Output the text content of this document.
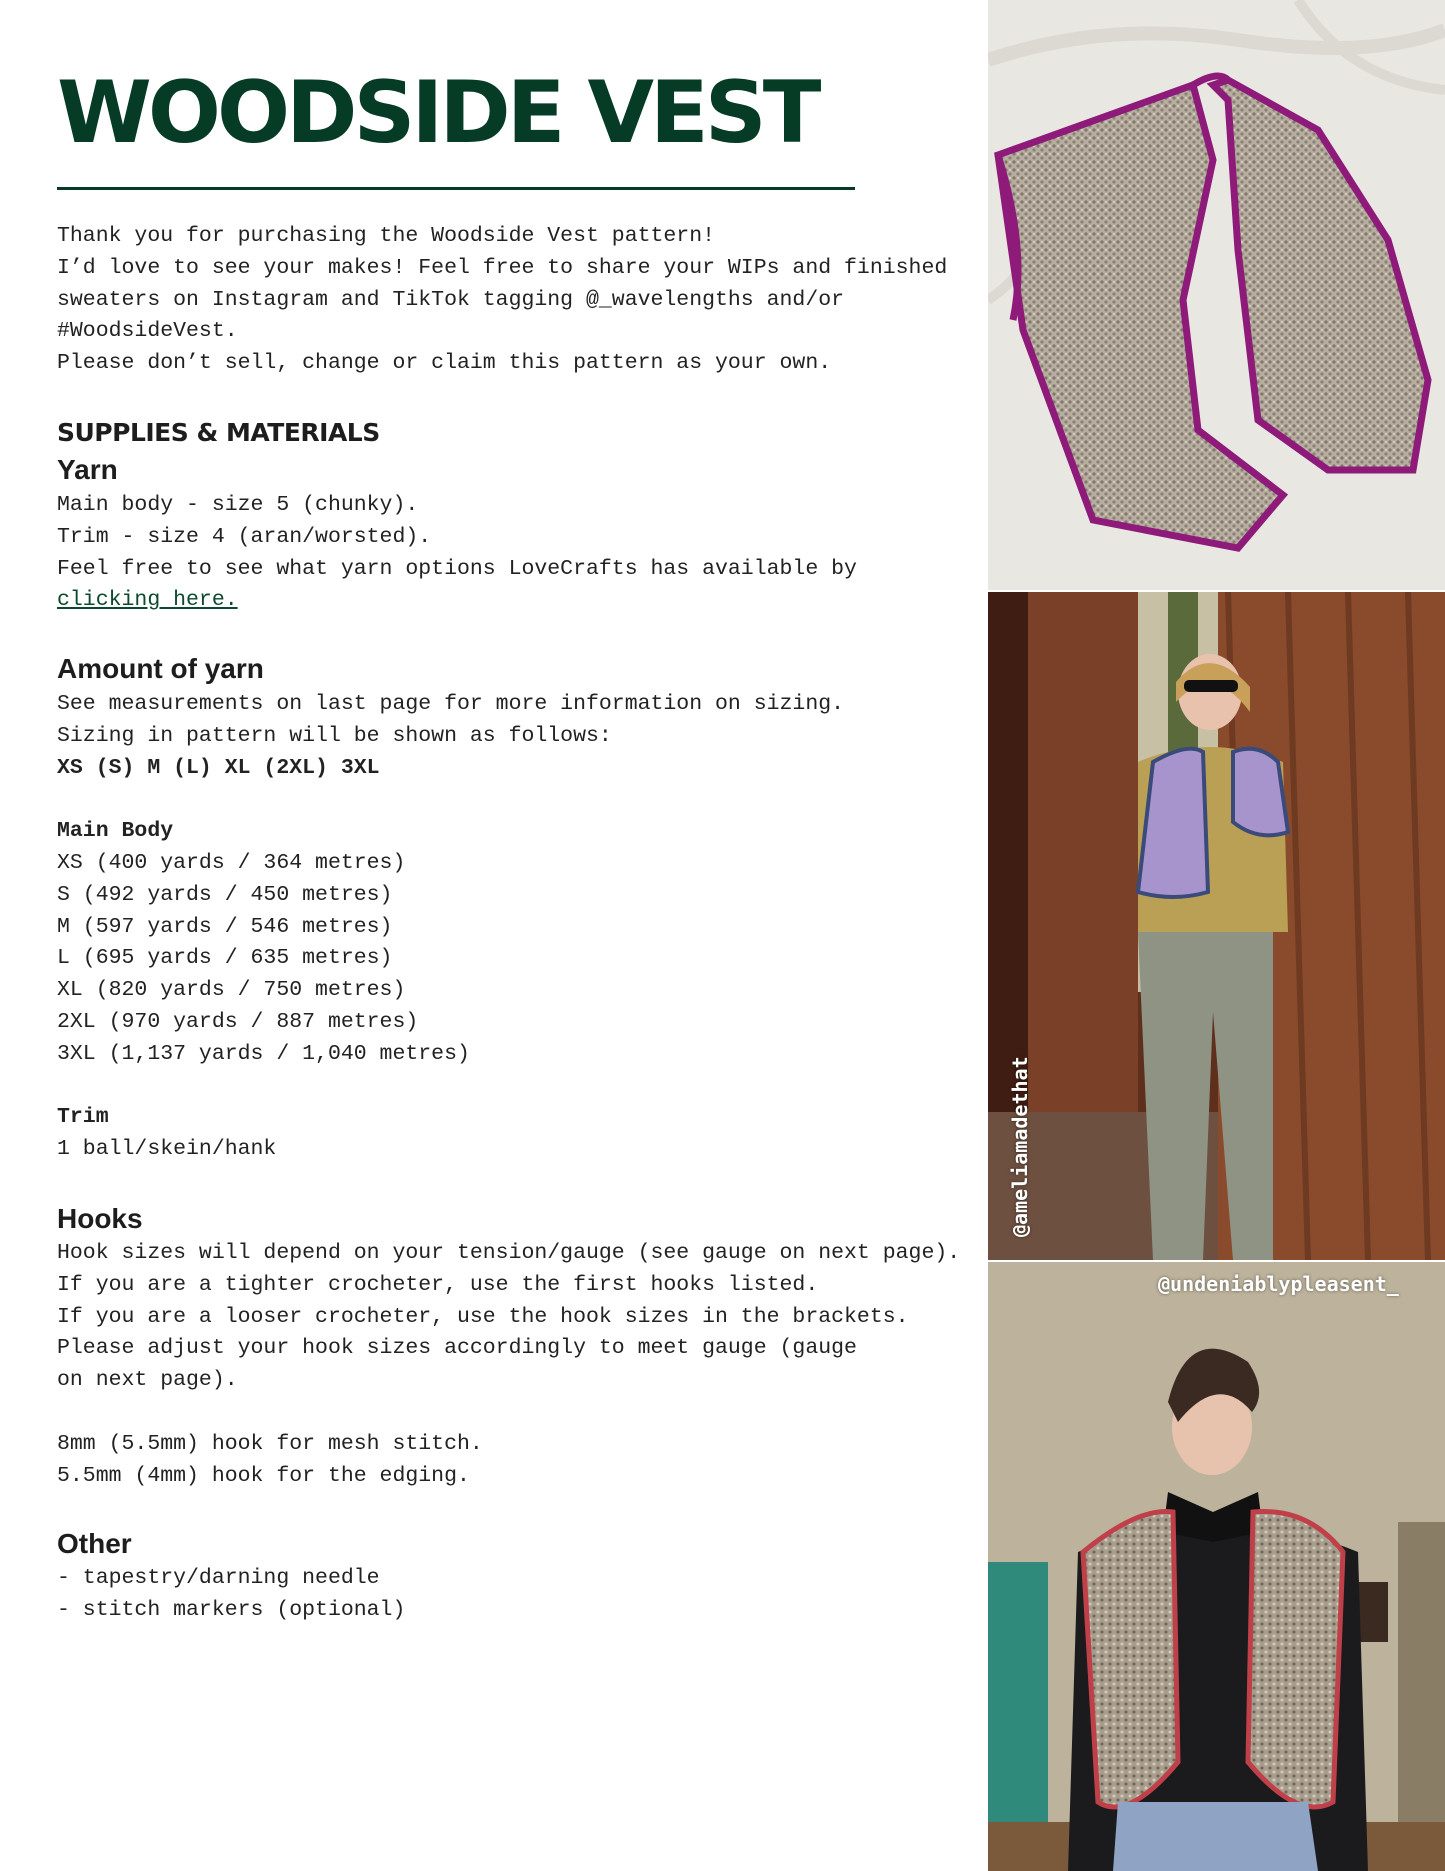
WOODSIDE VEST

Thank you for purchasing the Woodside Vest pattern!

I’d love to see your makes! Feel free to share your WIPs and finished

sweaters on Instagram and TikTok tagging @_wavelengths and/or

#WoodsideVest.

Please don’t sell, change or claim this pattern as your own.

SUPPLIES & MATERIALS
Yarn

Main body - size 5 (chunky).

Trim - size 4 (aran/worsted).

Feel free to see what yarn options LoveCrafts has available by

clicking here.

Amount of yarn

See measurements on last page for more information on sizing.

Sizing in pattern will be shown as follows:

XS (S) M (L) XL (2XL) 3XL

Main Body

XS (400 yards / 364 metres)

S (492 yards / 450 metres)

M (597 yards / 546 metres)

L (695 yards / 635 metres)

XL (820 yards / 750 metres)

2XL (970 yards / 887 metres)

3XL (1,137 yards / 1,040 metres)

Trim

1 ball/skein/hank

Hooks

Hook sizes will depend on your tension/gauge (see gauge on next page).

If you are a tighter crocheter, use the first hooks listed.

If you are a looser crocheter, use the hook sizes in the brackets.

Please adjust your hook sizes accordingly to meet gauge (gauge

on next page).

8mm (5.5mm) hook for mesh stitch.

5.5mm (4mm) hook for the edging.

Other

- tapestry/darning needle

- stitch markers (optional)

@ameliamadethat
@undeniablypleasent_
